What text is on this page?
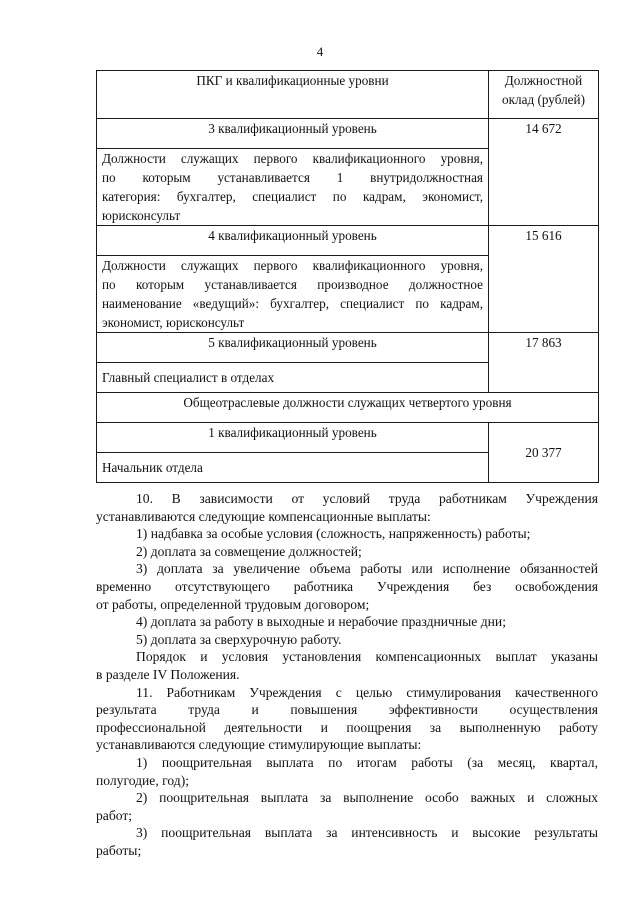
4
ПКГ и квалификационные уровни	Должностной
оклад (рублей)
3 квалификационный уровень	14 672

Должности служащих первого квалификационного уровня,
по которым устанавливается 1 внутридолжностная
категория: бухгалтер, специалист по кадрам, экономист,
юрисконсульт	

4 квалификационный уровень	15 616

Должности служащих первого квалификационного уровня,
по которым устанавливается производное должностное
наименование «ведущий»: бухгалтер, специалист по кадрам,
экономист, юрисконсульт	

5 квалификационный уровень	17 863
Главный специалист в отделах	
Общеотраслевые должности служащих четвертого уровня	
1 квалификационный уровень	20 377
Начальник отдела	

10. В зависимости от условий труда работникам Учреждения

устанавливаются следующие компенсационные выплаты:

1) надбавка за особые условия (сложность, напряженность) работы;

2) доплата за совмещение должностей;

3) доплата за увеличение объема работы или исполнение обязанностей

временно отсутствующего работника Учреждения без освобождения

от работы, определенной трудовым договором;

4) доплата за работу в выходные и нерабочие праздничные дни;

5) доплата за сверхурочную работу.

Порядок и условия установления компенсационных выплат указаны

в разделе IV Положения.

11. Работникам Учреждения с целью стимулирования качественного

результата труда и повышения эффективности осуществления

профессиональной деятельности и поощрения за выполненную работу

устанавливаются следующие стимулирующие выплаты:

1) поощрительная выплата по итогам работы (за месяц, квартал,

полугодие, год);

2) поощрительная выплата за выполнение особо важных и сложных

работ;

3) поощрительная выплата за интенсивность и высокие результаты

работы;
